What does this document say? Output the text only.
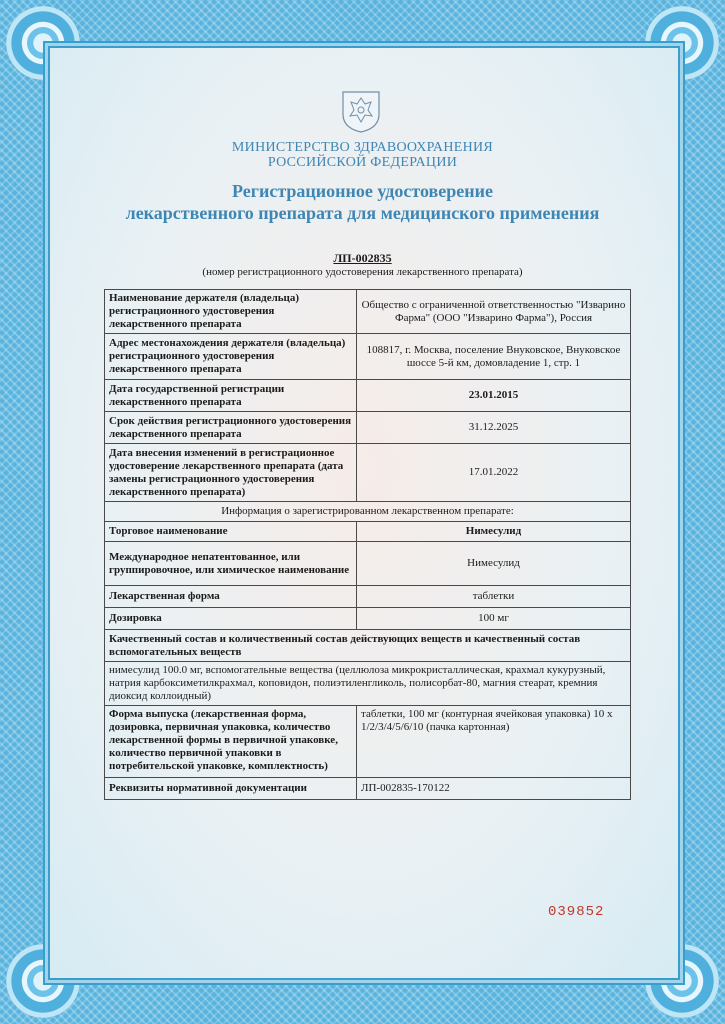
МИНИСТЕРСТВО ЗДРАВООХРАНЕНИЯ
РОССИЙСКОЙ ФЕДЕРАЦИИ
Регистрационное удостоверение
лекарственного препарата для медицинского применения
ЛП-002835
(номер регистрационного удостоверения лекарственного препарата)
Наименование держателя (владельца) регистрационного удостоверения лекарственного препарата	Общество с ограниченной ответственностью "Изварино Фарма" (ООО "Изварино Фарма"), Россия
Адрес местонахождения держателя (владельца) регистрационного удостоверения лекарственного препарата	108817, г. Москва, поселение Внуковское, Внуковское шоссе 5-й км, домовладение 1, стр. 1
Дата государственной регистрации лекарственного препарата	23.01.2015
Срок действия регистрационного удостоверения лекарственного препарата	31.12.2025
Дата внесения изменений в регистрационное удостоверение лекарственного препарата (дата замены регистрационного удостоверения лекарственного препарата)	17.01.2022
Информация о зарегистрированном лекарственном препарате:	
Торговое наименование	Нимесулид
Международное непатентованное, или группировочное, или химическое наименование	Нимесулид
Лекарственная форма	таблетки
Дозировка	100 мг
Качественный состав и количественный состав действующих веществ и качественный состав вспомогательных веществ	
нимесулид 100.0 мг, вспомогательные вещества (целлюлоза микрокристаллическая, крахмал кукурузный, натрия карбоксиметилкрахмал, коповидон, полиэтиленгликоль, полисорбат-80, магния стеарат, кремния диоксид коллоидный)	
Форма выпуска (лекарственная форма, дозировка, первичная упаковка, количество лекарственной формы в первичной упаковке, количество первичной упаковки в потребительской упаковке, комплектность)	таблетки, 100 мг (контурная ячейковая упаковка) 10 х 1/2/3/4/5/6/10 (пачка картонная)
Реквизиты нормативной документации	ЛП-002835-170122
039852
